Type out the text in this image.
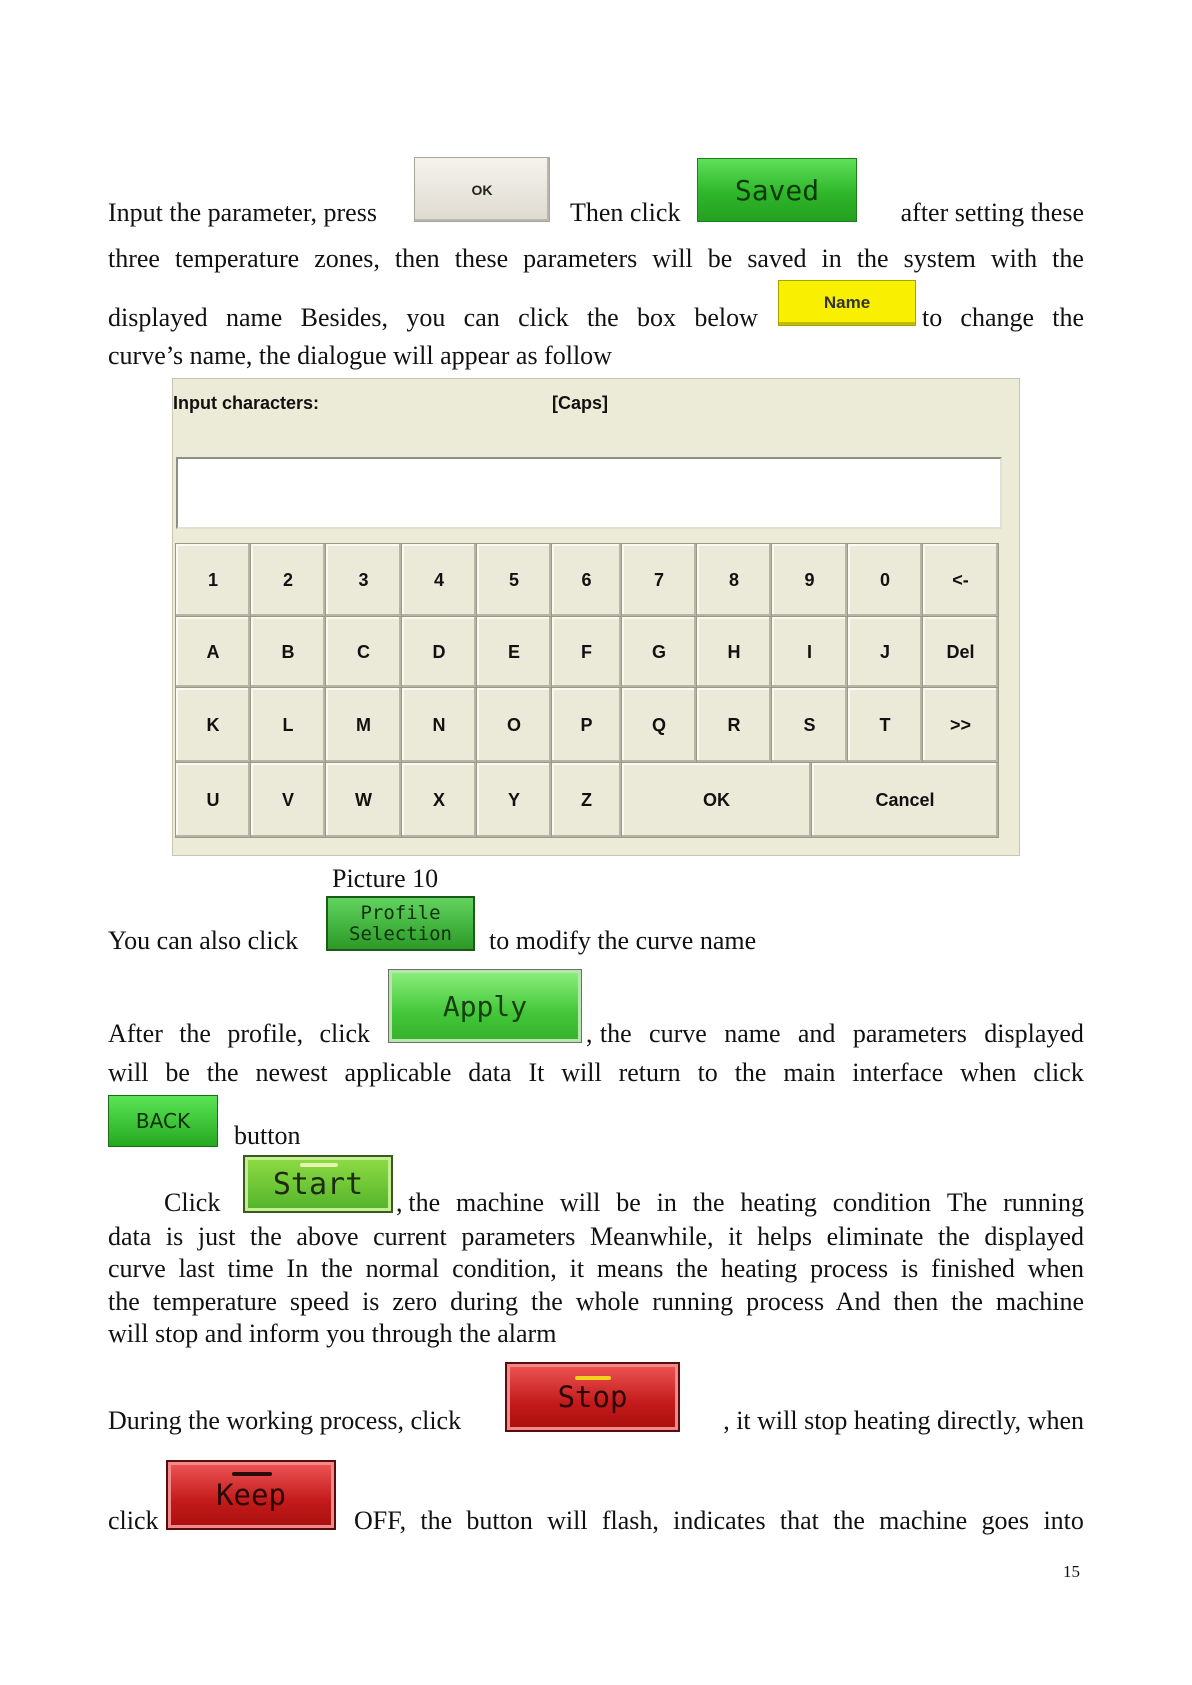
Input the parameter, press
OK
Then click
Saved
after setting these
three temperature zones, then these parameters will be saved in the system with the
displayed name Besides, you can click the box below
Name
to change the
curve’s name, the dialogue will appear as follow
Input characters:	[Caps]
1	2	3	4	5	6	7	8	9	0	<-
A	B	C	D	E	F	G	H	I	J	Del
K	L	M	N	O	P	Q	R	S	T	>>
U	V	W	X	Y	Z	OK	Cancel
Picture 10
You can also click
Profile
Selection to modify the curve name
After the profile, click
Apply
, the curve name and parameters displayed
will be the newest applicable data It will return to the main interface when click
BACK button
Click
Start
, the machine will be in the heating condition The running
data is just the above current parameters Meanwhile, it helps eliminate the displayed
curve last time In the normal condition, it means the heating process is finished when
the temperature speed is zero during the whole running process And then the machine
will stop and inform you through the alarm
During the working process, click
Stop
, it will stop heating directly, when
click
Keep
OFF, the button will flash, indicates that the machine goes into
15
